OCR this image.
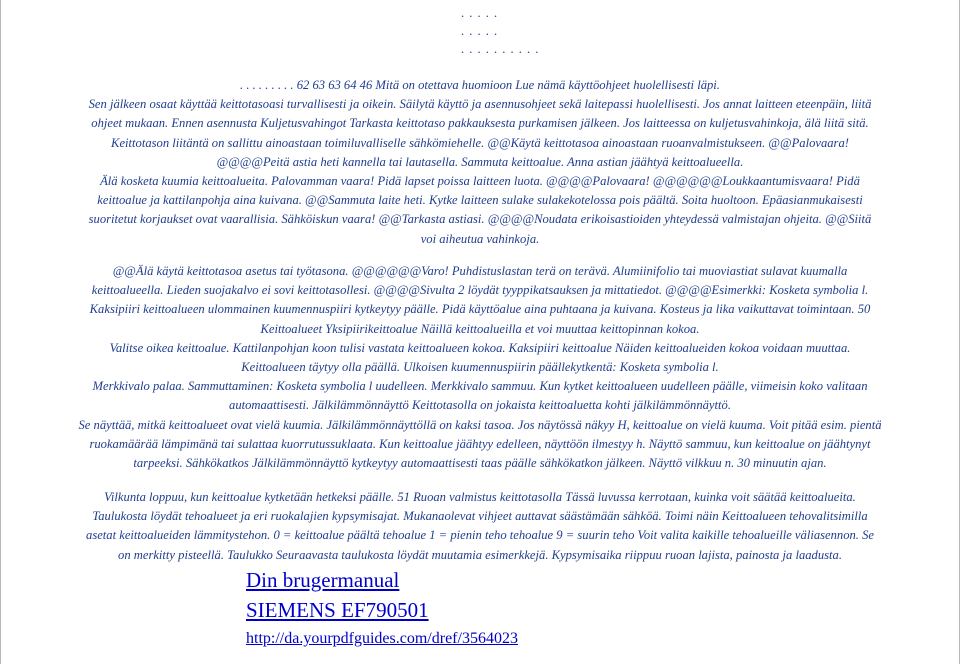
. . . . .
. . . . .
. . . . . . . . . .
. . . . . . . . . 62 63 63 64 46 Mitä on otettava huomioon Lue nämä käyttöohjeet huolellisesti läpi.
Sen jälkeen osaat käyttää keittotasoasi turvallisesti ja oikein. Säilytä käyttö ja asennusohjeet sekä laitepassi huolellisesti. Jos annat laitteen eteenpäin, liitä
ohjeet mukaan. Ennen asennusta Kuljetusvahingot Tarkasta keittotaso pakkauksesta purkamisen jälkeen. Jos laitteessa on kuljetusvahinkoja, älä liitä sitä.
Keittotason liitäntä on sallittu ainoastaan toimiluvalliselle sähkömiehelle. @@Käytä keittotasoa ainoastaan ruoanvalmistukseen. @@Palovaara!
@@@@Peitä astia heti kannella tai lautasella. Sammuta keittoalue. Anna astian jäähtyä keittoalueella.
Älä kosketa kuumia keittoalueita. Palovamman vaara! Pidä lapset poissa laitteen luota. @@@@Palovaara! @@@@@@Loukkaantumisvaara! Pidä
keittoalue ja kattilanpohja aina kuivana. @@Sammuta laite heti. Kytke laitteen sulake sulakekotelossa pois päältä. Soita huoltoon. Epäasianmukaisesti
suoritetut korjaukset ovat vaarallisia. Sähköiskun vaara! @@Tarkasta astiasi. @@@@Noudata erikoisastioiden yhteydessä valmistajan ohjeita. @@Siitä
voi aiheutua vahinkoja.
@@Älä käytä keittotasoa asetus tai työtasona. @@@@@@Varo! Puhdistuslastan terä on terävä. Alumiinifolio tai muoviastiat sulavat kuumalla
keittoalueella. Lieden suojakalvo ei sovi keittotasollesi. @@@@Sivulta 2 löydät tyyppikatsauksen ja mittatiedot. @@@@Esimerkki: Kosketa symbolia l.
Kaksipiiri keittoalueen ulommainen kuumennuspiiri kytkeytyy päälle. Pidä käyttöalue aina puhtaana ja kuivana. Kosteus ja lika vaikuttavat toimintaan. 50
Keittoalueet Yksipiirikeittoalue Näillä keittoalueilla et voi muuttaa keittopinnan kokoa.
Valitse oikea keittoalue. Kattilanpohjan koon tulisi vastata keittoalueen kokoa. Kaksipiiri keittoalue Näiden keittoalueiden kokoa voidaan muuttaa.
Keittoalueen täytyy olla päällä. Ulkoisen kuumennuspiirin päällekytkentä: Kosketa symbolia l.
Merkkivalo palaa. Sammuttaminen: Kosketa symbolia l uudelleen. Merkkivalo sammuu. Kun kytket keittoalueen uudelleen päälle, viimeisin koko valitaan
automaattisesti. Jälkilämmönnäyttö Keittotasolla on jokaista keittoaluetta kohti jälkilämmönnäyttö.
Se näyttää, mitkä keittoalueet ovat vielä kuumia. Jälkilämmönnäyttöllä on kaksi tasoa. Jos näytössä näkyy H, keittoalue on vielä kuuma. Voit pitää esim. pientä
ruokamäärää lämpimänä tai sulattaa kuorrutussuklaata. Kun keittoalue jäähtyy edelleen, näyttöön ilmestyy h. Näyttö sammuu, kun keittoalue on jäähtynyt
tarpeeksi. Sähkökatkos Jälkilämmönnäyttö kytkeytyy automaattisesti taas päälle sähkökatkon jälkeen. Näyttö vilkkuu n. 30 minuutin ajan.
Vilkunta loppuu, kun keittoalue kytketään hetkeksi päälle. 51 Ruoan valmistus keittotasolla Tässä luvussa kerrotaan, kuinka voit säätää keittoalueita.
Taulukosta löydät tehoalueet ja eri ruokalajien kypsymisajat. Mukanaolevat vihjeet auttavat säästämään sähköä. Toimi näin Keittoalueen tehovalitsimilla
asetat keittoalueiden lämmitystehon. 0 = keittoalue päältä tehoalue 1 = pienin teho tehoalue 9 = suurin teho Voit valita kaikille tehoalueille väliasennon. Se
on merkitty pisteellä. Taulukko Seuraavasta taulukosta löydät muutamia esimerkkejä. Kypsymisaika riippuu ruoan lajista, painosta ja laadusta.
Din brugermanual
SIEMENS EF790501
http://da.yourpdfguides.com/dref/3564023
